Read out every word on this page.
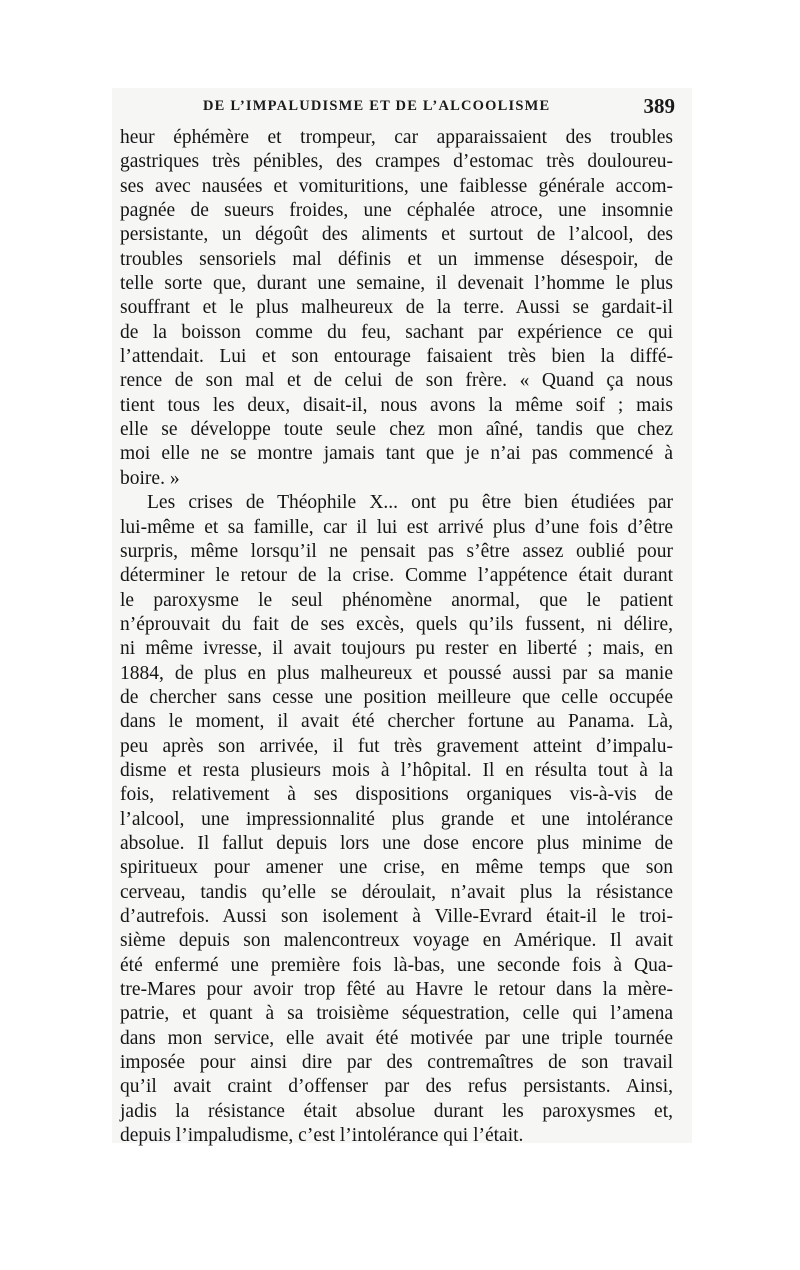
DE L’IMPALUDISME ET DE L’ALCOOLISME	389
heur éphémère et trompeur, car apparaissaient des troubles
gastriques très pénibles, des crampes d’estomac très douloureu-
ses avec nausées et vomituritions, une faiblesse générale accom-
pagnée de sueurs froides, une céphalée atroce, une insomnie
persistante, un dégoût des aliments et surtout de l’alcool, des
troubles sensoriels mal définis et un immense désespoir, de
telle sorte que, durant une semaine, il devenait l’homme le plus
souffrant et le plus malheureux de la terre. Aussi se gardait-il
de la boisson comme du feu, sachant par expérience ce qui
l’attendait. Lui et son entourage faisaient très bien la diffé-
rence de son mal et de celui de son frère. « Quand ça nous
tient tous les deux, disait-il, nous avons la même soif ; mais
elle se développe toute seule chez mon aîné, tandis que chez
moi elle ne se montre jamais tant que je n’ai pas commencé à
boire. »
Les crises de Théophile X... ont pu être bien étudiées par
lui-même et sa famille, car il lui est arrivé plus d’une fois d’être
surpris, même lorsqu’il ne pensait pas s’être assez oublié pour
déterminer le retour de la crise. Comme l’appétence était durant
le paroxysme le seul phénomène anormal, que le patient
n’éprouvait du fait de ses excès, quels qu’ils fussent, ni délire,
ni même ivresse, il avait toujours pu rester en liberté ; mais, en
1884, de plus en plus malheureux et poussé aussi par sa manie
de chercher sans cesse une position meilleure que celle occupée
dans le moment, il avait été chercher fortune au Panama. Là,
peu après son arrivée, il fut très gravement atteint d’impalu-
disme et resta plusieurs mois à l’hôpital. Il en résulta tout à la
fois, relativement à ses dispositions organiques vis-à-vis de
l’alcool, une impressionnalité plus grande et une intolérance
absolue. Il fallut depuis lors une dose encore plus minime de
spiritueux pour amener une crise, en même temps que son
cerveau, tandis qu’elle se déroulait, n’avait plus la résistance
d’autrefois. Aussi son isolement à Ville-Evrard était-il le troi-
sième depuis son malencontreux voyage en Amérique. Il avait
été enfermé une première fois là-bas, une seconde fois à Qua-
tre-Mares pour avoir trop fêté au Havre le retour dans la mère-
patrie, et quant à sa troisième séquestration, celle qui l’amena
dans mon service, elle avait été motivée par une triple tournée
imposée pour ainsi dire par des contremaîtres de son travail
qu’il avait craint d’offenser par des refus persistants. Ainsi,
jadis la résistance était absolue durant les paroxysmes et,
depuis l’impaludisme, c’est l’intolérance qui l’était.
